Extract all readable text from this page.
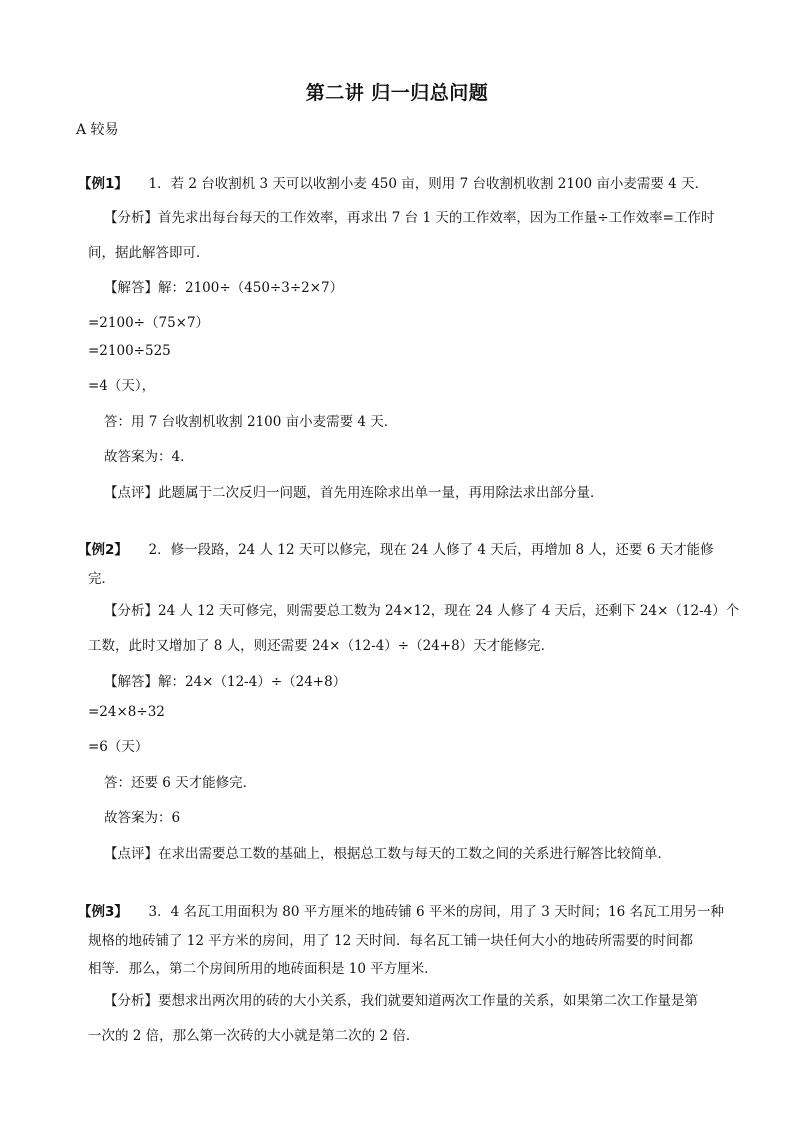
第二讲 归一归总问题
A 较易
【例1】 1．若 2 台收割机 3 天可以收割小麦 450 亩，则用 7 台收割机收割 2100 亩小麦需要 4 天．
【分析】首先求出每台每天的工作效率，再求出 7 台 1 天的工作效率，因为工作量÷工作效率=工作时
间，据此解答即可．
【解答】解：2100÷（450÷3÷2×7）
=2100÷（75×7）
=2100÷525
=4（天），
答：用 7 台收割机收割 2100 亩小麦需要 4 天．
故答案为：4．
【点评】此题属于二次反归一问题，首先用连除求出单一量，再用除法求出部分量．
【例2】 2．修一段路，24 人 12 天可以修完，现在 24 人修了 4 天后，再增加 8 人，还要 6 天才能修
完．
【分析】24 人 12 天可修完，则需要总工数为 24×12，现在 24 人修了 4 天后，还剩下 24×（12-4）个
工数，此时又增加了 8 人，则还需要 24×（12-4）÷（24+8）天才能修完．
【解答】解：24×（12-4）÷（24+8）
=24×8÷32
=6（天）
答：还要 6 天才能修完．
故答案为：6
【点评】在求出需要总工数的基础上，根据总工数与每天的工数之间的关系进行解答比较简单．
【例3】 3．4 名瓦工用面积为 80 平方厘米的地砖铺 6 平米的房间，用了 3 天时间；16 名瓦工用另一种
规格的地砖铺了 12 平方米的房间，用了 12 天时间．每名瓦工铺一块任何大小的地砖所需要的时间都
相等．那么，第二个房间所用的地砖面积是 10 平方厘米．
【分析】要想求出两次用的砖的大小关系，我们就要知道两次工作量的关系，如果第二次工作量是第
一次的 2 倍，那么第一次砖的大小就是第二次的 2 倍．
